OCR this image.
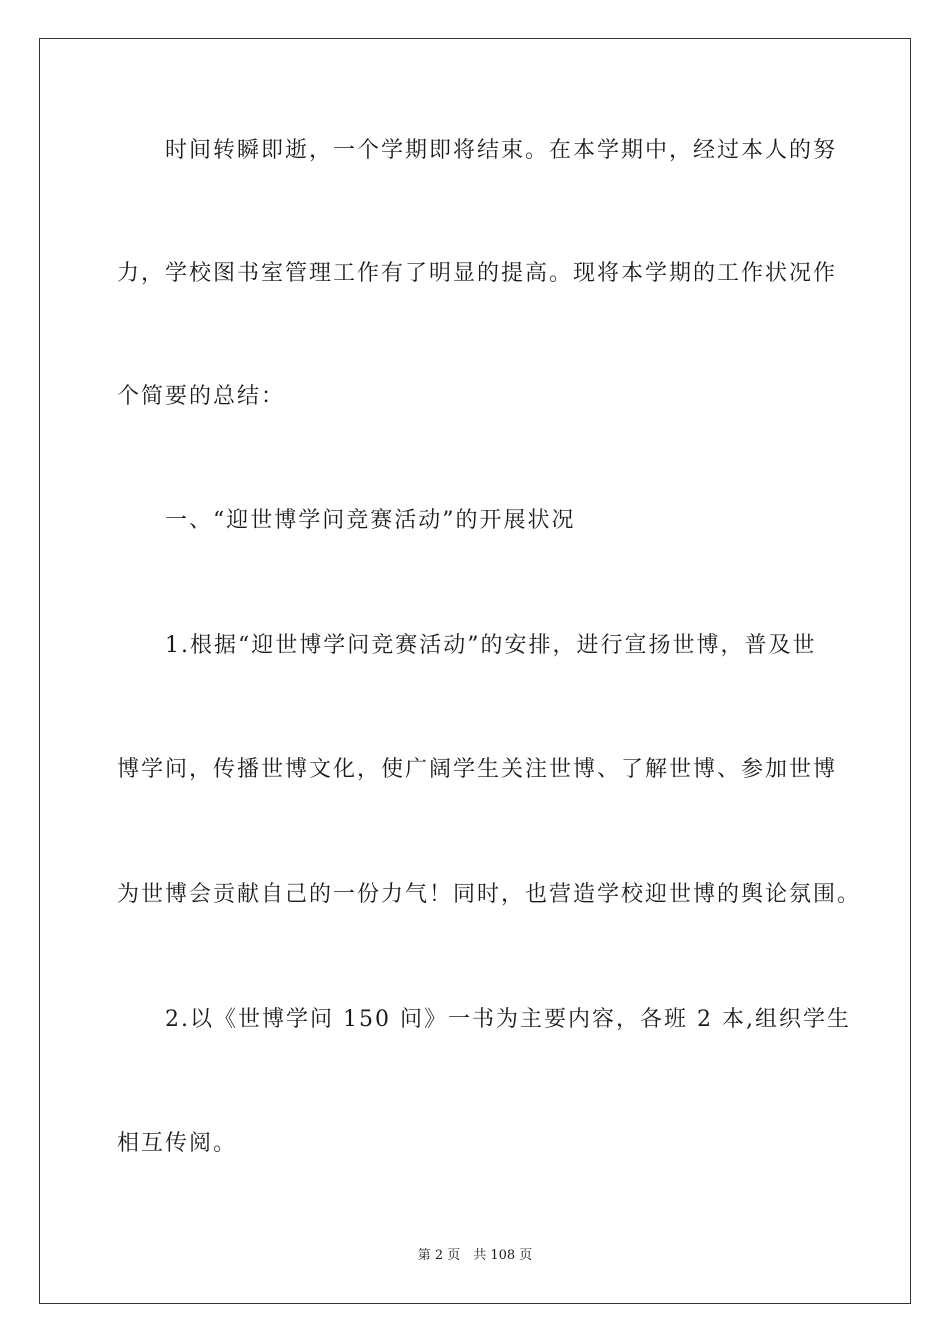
　　时间转瞬即逝，一个学期即将结束。在本学期中，经过本人的努
力，学校图书室管理工作有了明显的提高。现将本学期的工作状况作
个简要的总结：
　　一、“迎世博学问竞赛活动”的开展状况
　　1.根据“迎世博学问竞赛活动”的安排，进行宣扬世博，普及世
博学问，传播世博文化，使广阔学生关注世博、了解世博、参加世博
为世博会贡献自己的一份力气！同时，也营造学校迎世博的舆论氛围。
　　2.以《世博学问 150 问》一书为主要内容，各班 2 本,组织学生
相互传阅。
第 2 页　共 108 页
